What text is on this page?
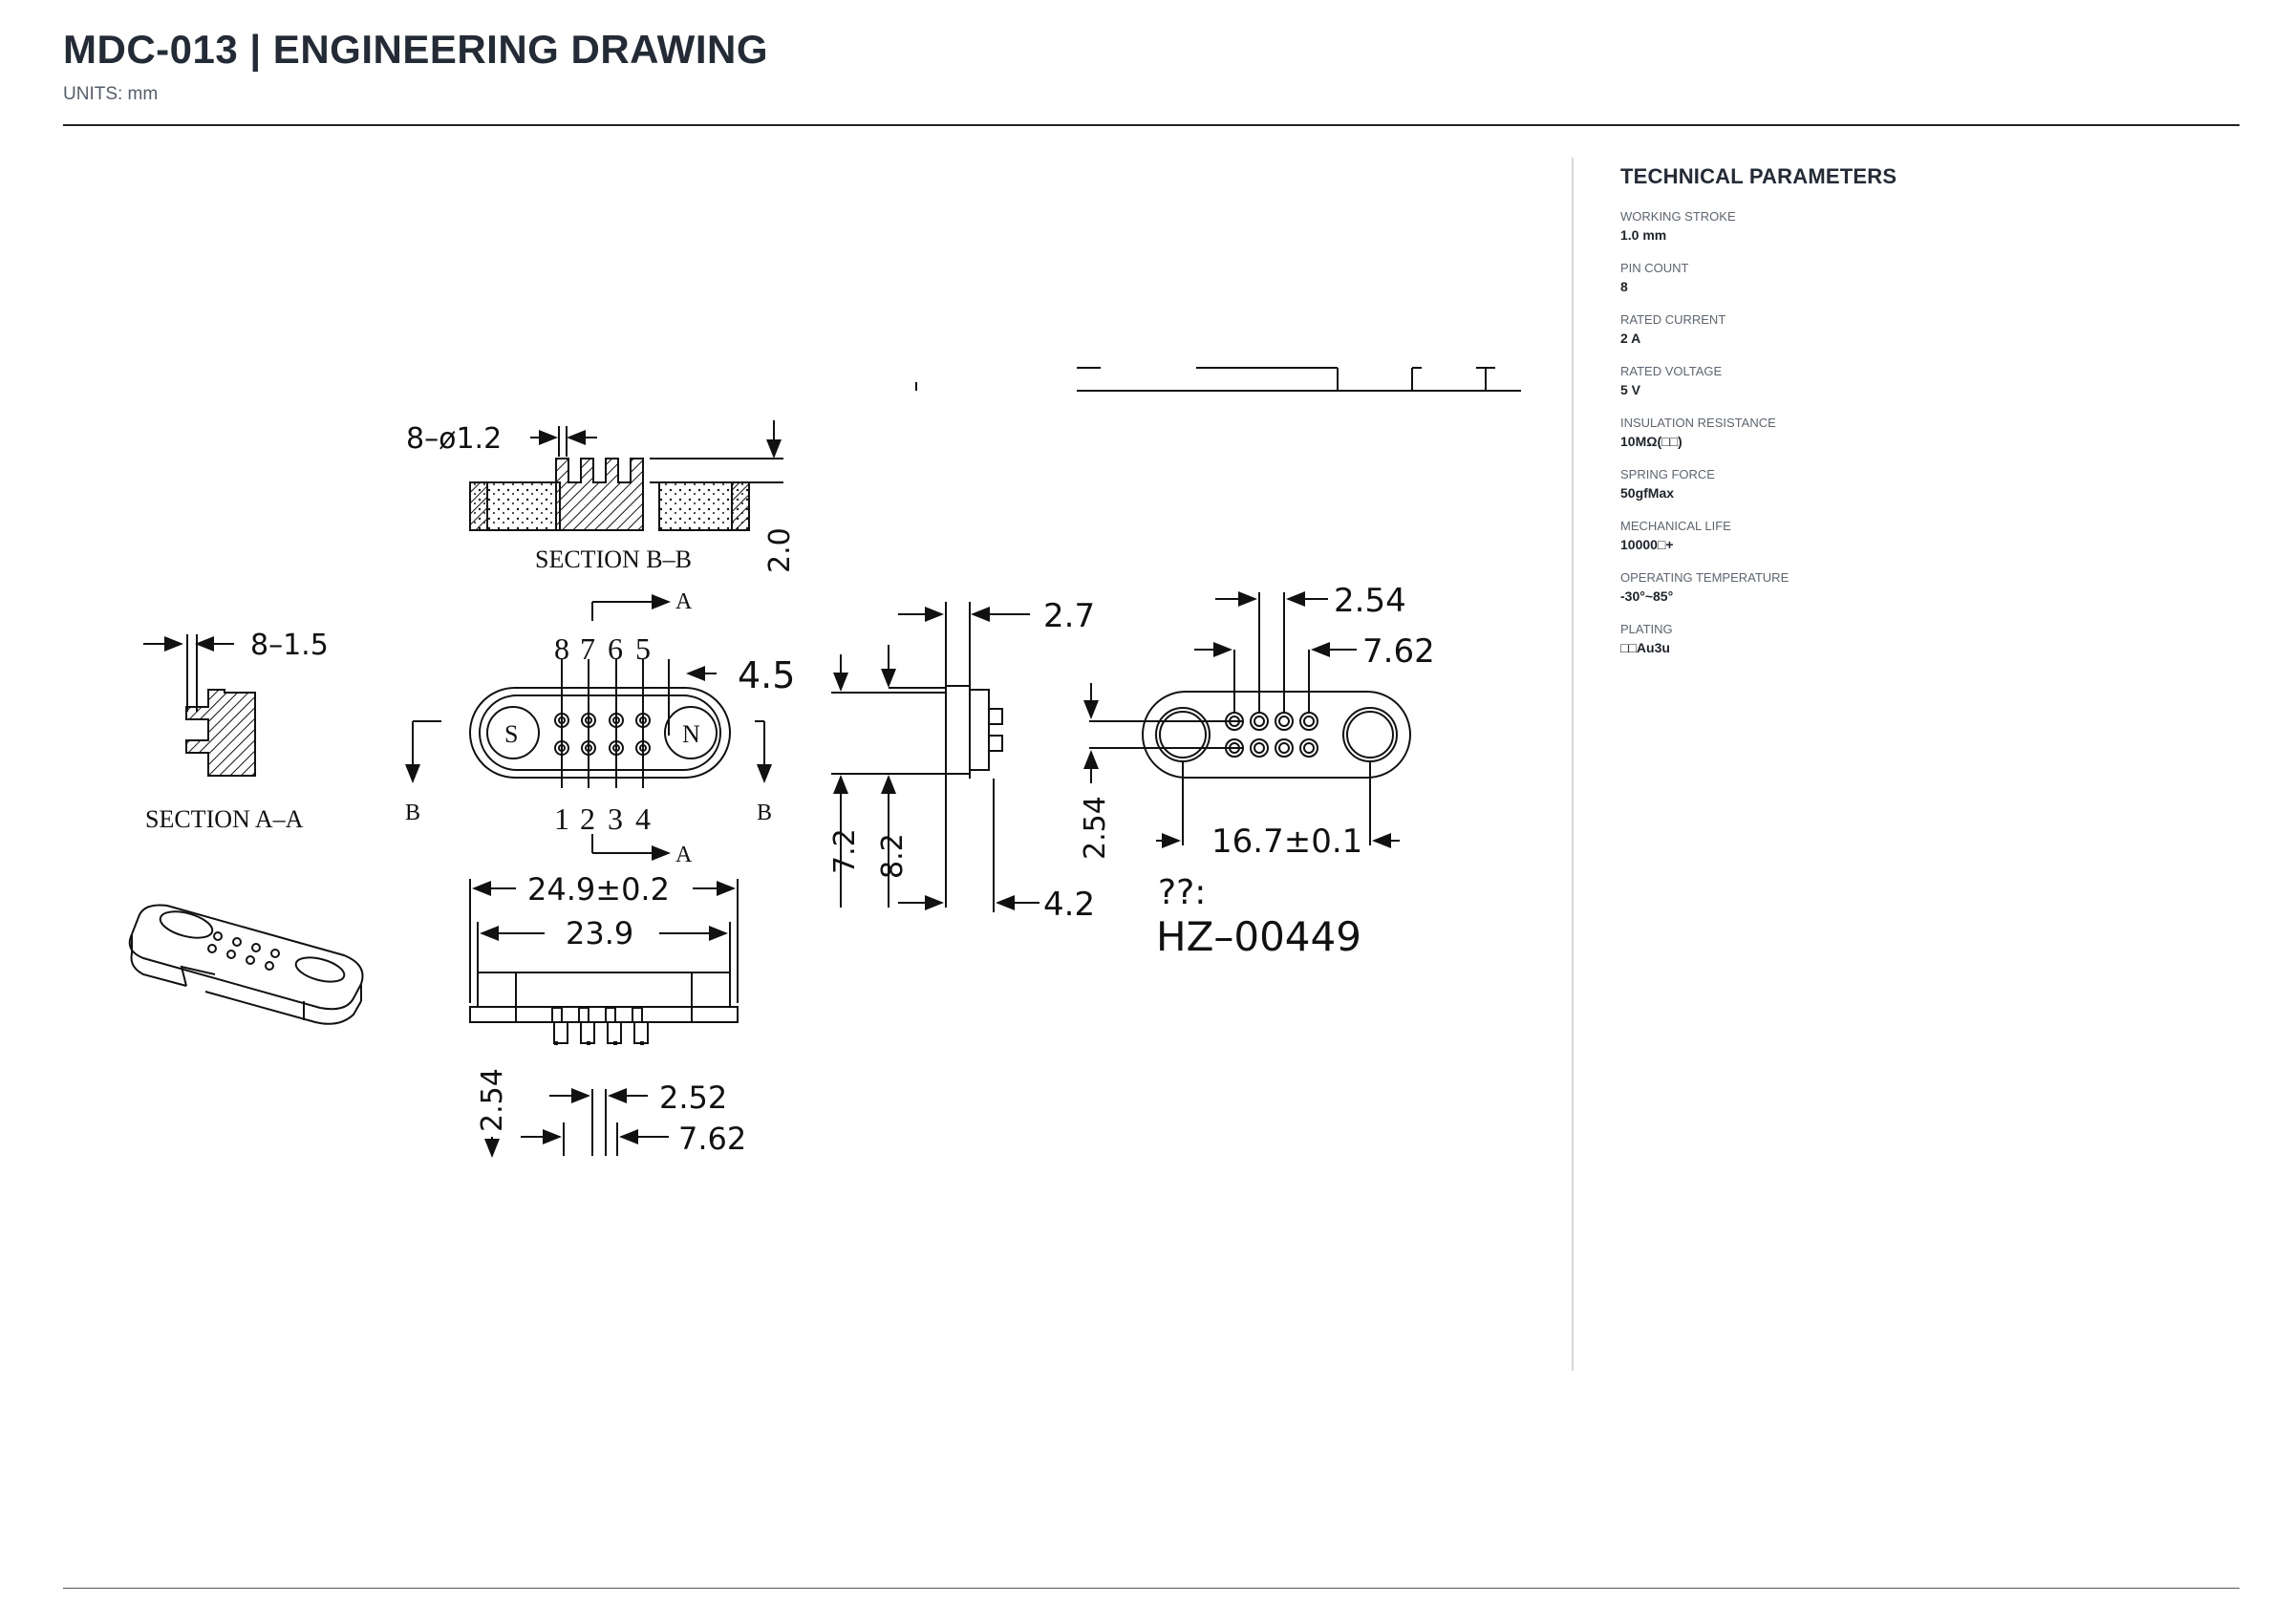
MDC-013 | ENGINEERING DRAWING
UNITS: mm
8–ø1.2
2.0
SECTION B–B
8–1.5
SECTION A–A
S	N
8 7 6 5
1 2 3 4
4.5
A
A
B	B
2.7
7.2 8.2
4.2
2.54
7.62
2.54	16.7±0.1
??:
HZ–00449
24.9±0.2
23.9
2.54	2.52
7.62
TECHNICAL PARAMETERS
WORKING STROKE
1.0 mm
PIN COUNT
8
RATED CURRENT
2 A
RATED VOLTAGE
5 V
INSULATION RESISTANCE
10MΩ(□□)
SPRING FORCE
50gfMax
MECHANICAL LIFE
10000□+
OPERATING TEMPERATURE
-30°~85°
PLATING
□□Au3u
